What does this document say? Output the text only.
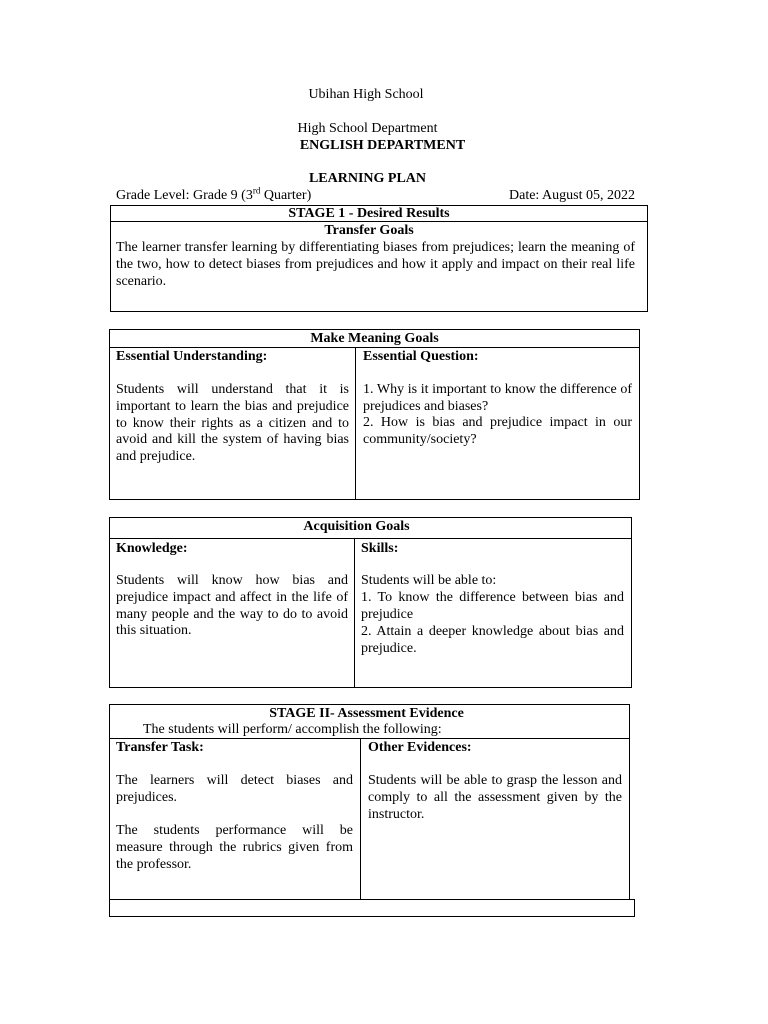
Ubihan High School
High School Department
ENGLISH DEPARTMENT
LEARNING PLAN
Grade Level: Grade 9 (3rd Quarter)	Date: August 05, 2022
STAGE 1 - Desired Results
Transfer Goals
The learner transfer learning by differentiating biases from prejudices; learn the meaning of the two, how to detect biases from prejudices and how it apply and impact on their real life scenario.
Make Meaning Goals
Essential Understanding:
Students will understand that it is important to learn the bias and prejudice to know their rights as a citizen and to avoid and kill the system of having bias and prejudice.
Essential Question:
1. Why is it important to know the difference of prejudices and biases?
2. How is bias and prejudice impact in our community/society?
Acquisition Goals
Knowledge:
Students will know how bias and prejudice impact and affect in the life of many people and the way to do to avoid this situation.
Skills:
Students will be able to:
1. To know the difference between bias and prejudice
2. Attain a deeper knowledge about bias and prejudice.
STAGE II- Assessment Evidence
The students will perform/ accomplish the following:
Transfer Task:
The learners will detect biases and prejudices.
The students performance will be measure through the rubrics given from the professor.
Other Evidences:
Students will be able to grasp the lesson and comply to all the assessment given by the instructor.
